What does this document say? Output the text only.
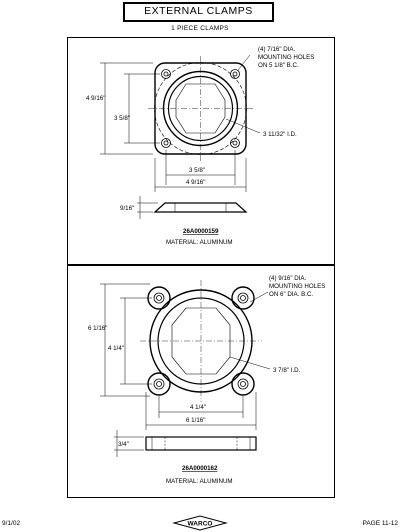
EXTERNAL CLAMPS
1 PIECE CLAMPS
(4) 7/16" DIA.
MOUNTING HOLES
ON 5 1/8" B.C.
4 9/16"
3 5/8"
3 11/32" I.D.
3 5/8"
4 9/16"
9/16"
26A0000159
MATERIAL: ALUMINUM
(4) 9/16" DIA.
MOUNTING HOLES
ON 6" DIA. B.C.
6 1/16"
4 1/4"
3 7/8" I.D.
4 1/4"
6 1/16"
3/4"
26A0000162
MATERIAL: ALUMINUM
9/1/02	PAGE 11-12
WARCO
